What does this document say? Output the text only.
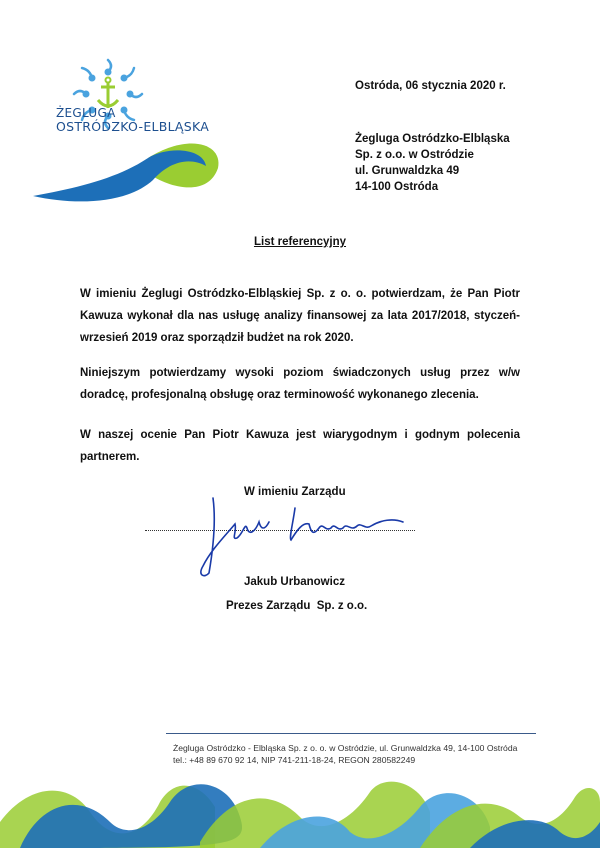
ŻEGLUGA
OSTRÓDZKO-ELBLĄSKA
Ostróda, 06 stycznia 2020 r.
Żegluga Ostródzko-Elbląska
Sp. z o.o. w Ostródzie
ul. Grunwaldzka 49
14-100 Ostróda
List referencyjny
W imieniu Żeglugi Ostródzko-Elbląskiej Sp. z o. o. potwierdzam, że Pan Piotr Kawuza wykonał dla nas usługę analizy finansowej za lata 2017/2018, styczeń-wrzesień 2019 oraz sporządził budżet na rok 2020.
Niniejszym potwierdzamy wysoki poziom świadczonych usług przez w/w doradcę, profesjonalną obsługę oraz terminowość wykonanego zlecenia.
W naszej ocenie Pan Piotr Kawuza jest wiarygodnym i godnym polecenia partnerem.
W imieniu Zarządu
Jakub Urbanowicz
Prezes Zarządu  Sp. z o.o.
Żegluga Ostródzko - Elbląska Sp. z o. o. w Ostródzie, ul. Grunwaldzka 49, 14-100 Ostróda
tel.: +48 89 670 92 14, NIP 741-211-18-24, REGON 280582249
